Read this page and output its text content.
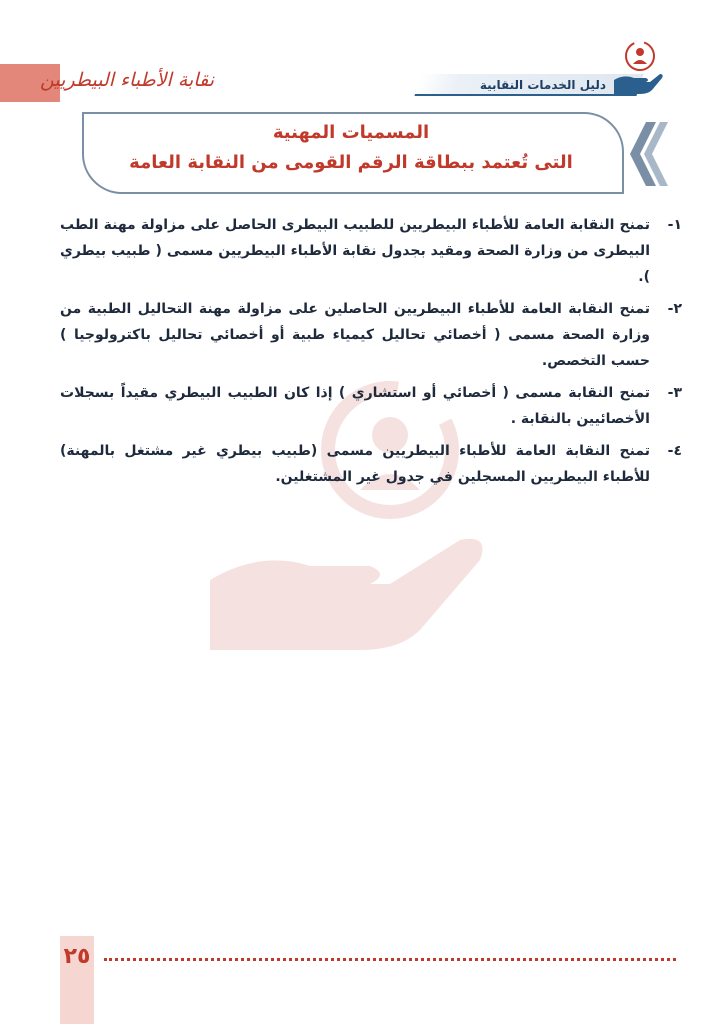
نقابة الأطباء البيطريين	دليل الخدمات النقابية
المسميات المهنية
التى تُعتمد ببطاقة الرقم القومى من النقابة العامة
١-
تمنح النقابة العامة للأطباء البيطريين للطبيب البيطرى الحاصل على مزاولة مهنة الطب البيطرى من وزارة الصحة ومقيد بجدول نقابة الأطباء البيطريين مسمى ( طبيب بيطري ).
٢-
تمنح النقابة العامة للأطباء البيطريين الحاصلين على مزاولة مهنة التحاليل الطبية من وزارة الصحة مسمى ( أخصائي تحاليل كيمياء طبية أو أخصائي تحاليل باكترولوجيا ) حسب التخصص.
٣-
تمنح النقابة مسمى ( أخصائي أو استشاري ) إذا كان الطبيب البيطري مقيداً بسجلات الأخصائيين بالنقابة .
٤-
تمنح النقابة العامة للأطباء البيطريين مسمى (طبيب بيطري غير مشتغل بالمهنة) للأطباء البيطريين المسجلين في جدول غير المشتغلين.
٢٥
